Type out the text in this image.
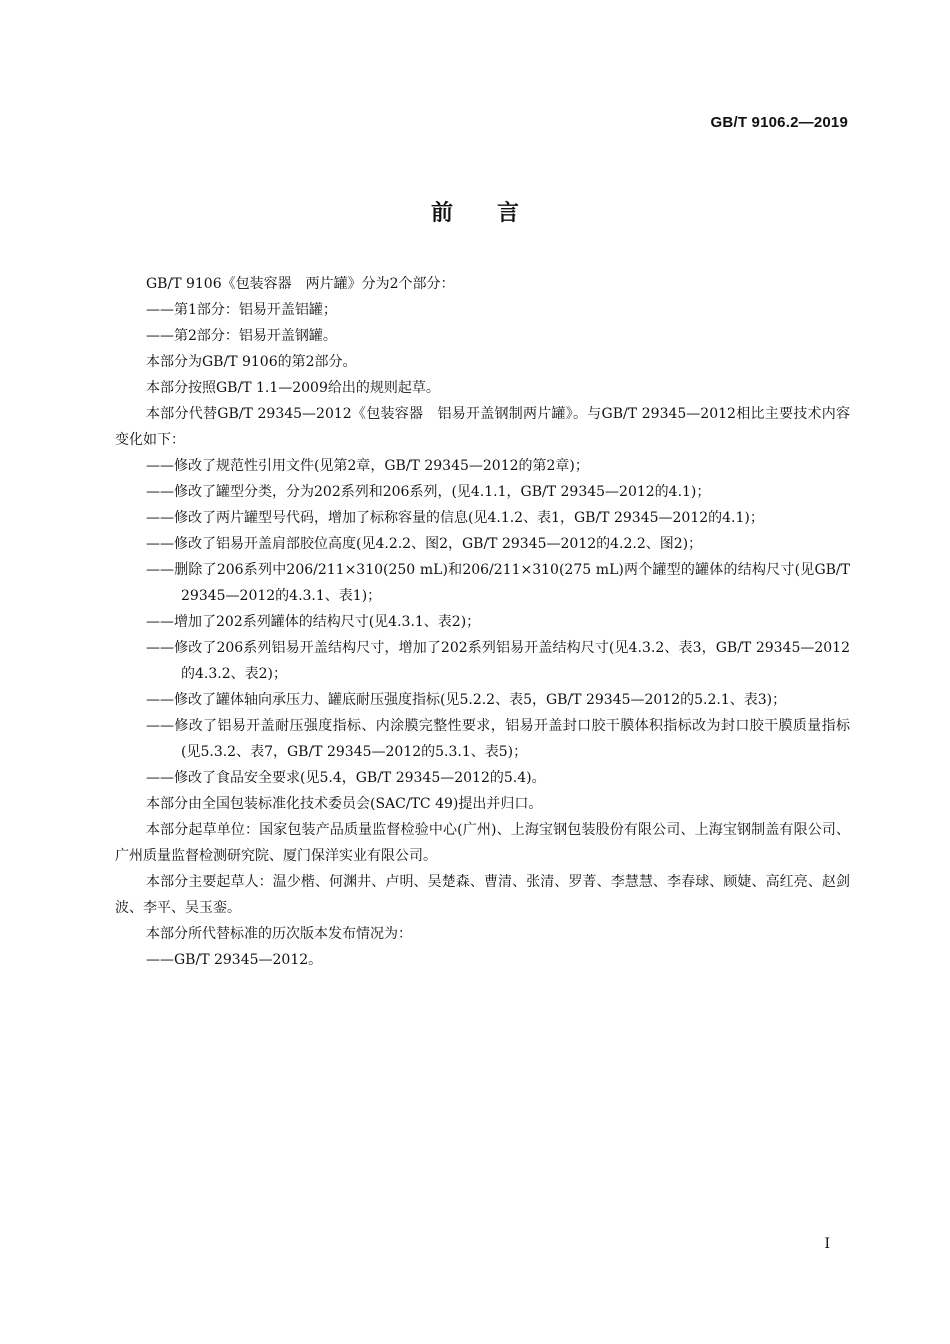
GB/T 9106.2—2019
前言

GB/T 9106《包装容器　两片罐》分为2个部分：

——第1部分：铝易开盖铝罐；

——第2部分：铝易开盖钢罐。

本部分为GB/T 9106的第2部分。

本部分按照GB/T 1.1—2009给出的规则起草。

本部分代替GB/T 29345—2012《包装容器　铝易开盖钢制两片罐》。与GB/T 29345—2012相比主要技术内容变化如下：

——修改了规范性引用文件(见第2章，GB/T 29345—2012的第2章)；

——修改了罐型分类，分为202系列和206系列，(见4.1.1，GB/T 29345—2012的4.1)；

——修改了两片罐型号代码，增加了标称容量的信息(见4.1.2、表1，GB/T 29345—2012的4.1)；

——修改了铝易开盖肩部胶位高度(见4.2.2、图2，GB/T 29345—2012的4.2.2、图2)；

——删除了206系列中206/211×310(250 mL)和206/211×310(275 mL)两个罐型的罐体的结构尺寸(见GB/T 29345—2012的4.3.1、表1)；

——增加了202系列罐体的结构尺寸(见4.3.1、表2)；

——修改了206系列铝易开盖结构尺寸，增加了202系列铝易开盖结构尺寸(见4.3.2、表3，GB/T 29345—2012的4.3.2、表2)；

——修改了罐体轴向承压力、罐底耐压强度指标(见5.2.2、表5，GB/T 29345—2012的5.2.1、表3)；

——修改了铝易开盖耐压强度指标、内涂膜完整性要求，铝易开盖封口胶干膜体积指标改为封口胶干膜质量指标(见5.3.2、表7，GB/T 29345—2012的5.3.1、表5)；

——修改了食品安全要求(见5.4，GB/T 29345—2012的5.4)。

本部分由全国包装标准化技术委员会(SAC/TC 49)提出并归口。

本部分起草单位：国家包装产品质量监督检验中心(广州)、上海宝钢包装股份有限公司、上海宝钢制盖有限公司、广州质量监督检测研究院、厦门保洋实业有限公司。

本部分主要起草人：温少楷、何渊井、卢明、吴楚森、曹清、张清、罗菁、李慧慧、李春球、顾婕、高红亮、赵剑波、李平、吴玉銮。

本部分所代替标准的历次版本发布情况为：

——GB/T 29345—2012。

I
